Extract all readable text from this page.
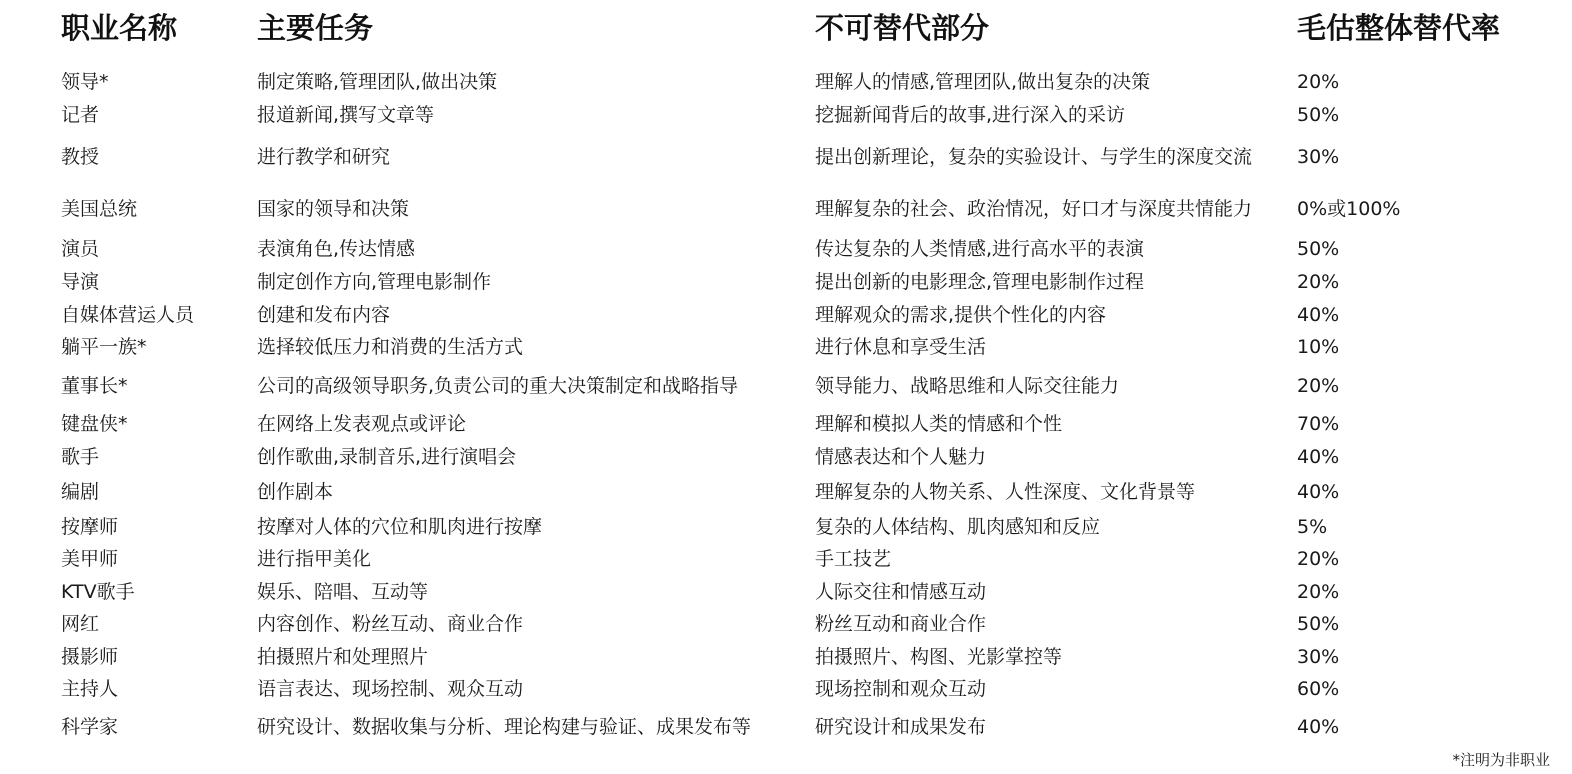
职业名称	主要任务	不可替代部分	毛估整体替代率
领导*	制定策略,管理团队,做出决策	理解人的情感,管理团队,做出复杂的决策	20%
记者	报道新闻,撰写文章等	挖掘新闻背后的故事,进行深入的采访	50%
教授	进行教学和研究	提出创新理论，复杂的实验设计、与学生的深度交流 30%
美国总统	国家的领导和决策	理解复杂的社会、政治情况，好口才与深度共情能力 0%或100%
演员	表演角色,传达情感	传达复杂的人类情感,进行高水平的表演	50%
导演	制定创作方向,管理电影制作	提出创新的电影理念,管理电影制作过程	20%
自媒体营运人员	创建和发布内容	理解观众的需求,提供个性化的内容	40%
躺平一族*	选择较低压力和消费的生活方式	进行休息和享受生活	10%
董事长*	公司的高级领导职务,负责公司的重大决策制定和战略指导	领导能力、战略思维和人际交往能力	20%
键盘侠*	在网络上发表观点或评论	理解和模拟人类的情感和个性	70%
歌手	创作歌曲,录制音乐,进行演唱会	情感表达和个人魅力	40%
编剧	创作剧本	理解复杂的人物关系、人性深度、文化背景等	40%
按摩师	按摩对人体的穴位和肌肉进行按摩	复杂的人体结构、肌肉感知和反应	5%
美甲师	进行指甲美化	手工技艺	20%
KTV歌手	娱乐、陪唱、互动等	人际交往和情感互动	20%
网红	内容创作、粉丝互动、商业合作	粉丝互动和商业合作	50%
摄影师	拍摄照片和处理照片	拍摄照片、构图、光影掌控等	30%
主持人	语言表达、现场控制、观众互动	现场控制和观众互动	60%
科学家	研究设计、数据收集与分析、理论构建与验证、成果发布等	研究设计和成果发布	40%
*注明为非职业
